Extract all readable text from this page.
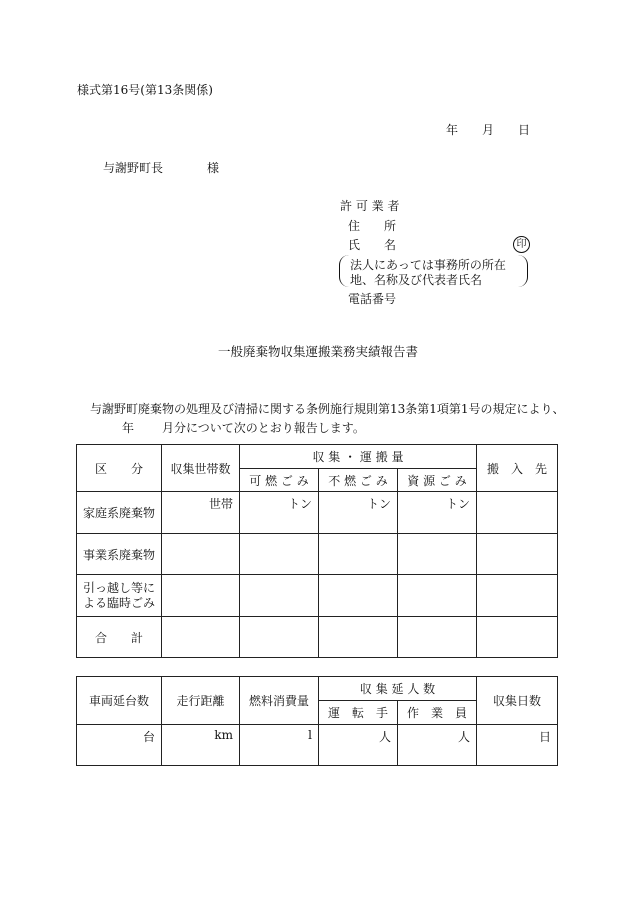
様式第16号(第13条関係)
年　　月　　日
与謝野町長	様
許 可 業 者
住　　所
氏　　名	印
法人にあっては事務所の所在
地、名称及び代表者氏名
電話番号
一般廃棄物収集運搬業務実績報告書
与謝野町廃棄物の処理及び清掃に関する条例施行規則第13条第1項第1号の規定により、
年 月分について次のとおり報告します。
区　　分	収集世帯数	収 集 ・ 運 搬 量			搬　入　先
		可 燃 ご み	不 燃 ご み	資 源 ご み	
家庭系廃棄物	世帯	トン	トン	トン	
事業系廃棄物					

引っ越し等に
よる臨時ごみ					

合　　計					
車両延台数	走行距離	燃料消費量	収 集 延 人 数		収集日数
			運　転　手	作　業　員	
台	km	l	人	人	日
